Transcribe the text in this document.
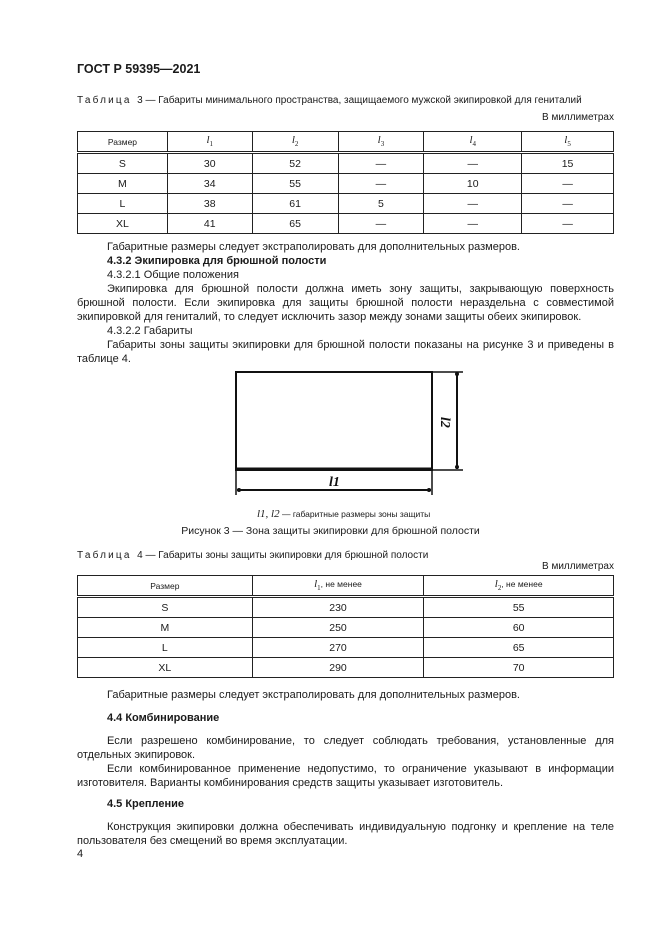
ГОСТ Р 59395—2021
Таблица 3 — Габариты минимального пространства, защищаемого мужской экипировкой для гениталий
В миллиметрах
Размер	$l_1$	$l_2$	$l_3$	$l_4$	$l_5$
S	30	52	—	—	15
M	34	55	—	10	—
L	38	61	5	—	—
XL	41	65	—	—	—
Габаритные размеры следует экстраполировать для дополнительных размеров.
4.3.2 Экипировка для брюшной полости
4.3.2.1 Общие положения
Экипировка для брюшной полости должна иметь зону защиты, закрывающую поверхность брюшной полости. Если экипировка для защиты брюшной полости нераздельна с совместимой экипировкой для гениталий, то следует исключить зазор между зонами защиты обеих экипировок.
4.3.2.2 Габариты
Габариты зоны защиты экипировки для брюшной полости показаны на рисунке 3 и приведены в таблице 4.
l1
l2
l1, l2 — габаритные размеры зоны защиты
Рисунок 3 — Зона защиты экипировки для брюшной полости
Таблица 4 — Габариты зоны защиты экипировки для брюшной полости
В миллиметрах
Размер	$l_1$, не менее	$l_2$, не менее
S	230	55
M	250	60
L	270	65
XL	290	70
Габаритные размеры следует экстраполировать для дополнительных размеров.
4.4 Комбинирование
Если разрешено комбинирование, то следует соблюдать требования, установленные для отдельных экипировок.
Если комбинированное применение недопустимо, то ограничение указывают в информации изготовителя. Варианты комбинирования средств защиты указывает изготовитель.
4.5 Крепление
Конструкция экипировки должна обеспечивать индивидуальную подгонку и крепление на теле пользователя без смещений во время эксплуатации.
4
